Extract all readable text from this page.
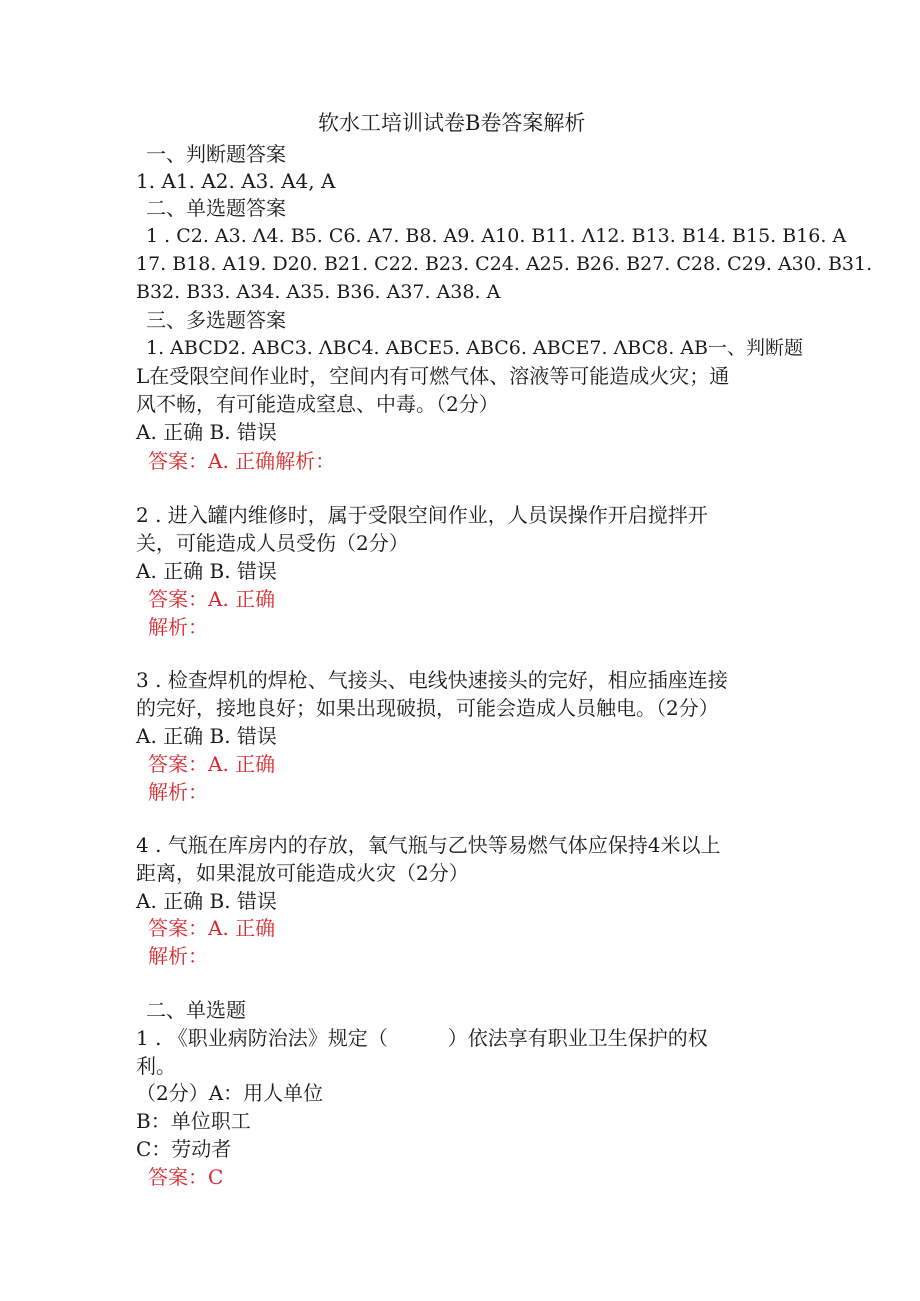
软水工培训试卷B卷答案解析
一、判断题答案
1. A1. A2. A3. A4, A
二、单选题答案
1 . C2. A3. Λ4. B5. C6. A7. B8. A9. A10. B11. Λ12. B13. B14. B15. B16. A
17. B18. A19. D20. B21. C22. B23. C24. A25. B26. B27. C28. C29. A30. B31.
B32. B33. A34. A35. B36. A37. A38. A
三、多选题答案
1. ABCD2. ABC3. ΛBC4. ABCE5. ABC6. ABCE7. ΛBC8. AB一、判断题
L在受限空间作业时，空间内有可燃气体、溶液等可能造成火灾；通
风不畅，有可能造成窒息、中毒。（2分）
A. 正确 B. 错误
答案：A. 正确解析：
2 . 进入罐内维修时，属于受限空间作业，人员误操作开启搅拌开
关，可能造成人员受伤（2分）
A. 正确 B. 错误
答案：A. 正确
解析：
3 . 检查焊机的焊枪、气接头、电线快速接头的完好，相应插座连接
的完好，接地良好；如果出现破损，可能会造成人员触电。（2分）
A. 正确 B. 错误
答案：A. 正确
解析：
4 . 气瓶在库房内的存放，氧气瓶与乙快等易燃气体应保持4米以上
距离，如果混放可能造成火灾（2分）
A. 正确 B. 错误
答案：A. 正确
解析：
二、单选题
1 . 《职业病防治法》规定（　　　）依法享有职业卫生保护的权
利。
（2分）A：用人单位
B：单位职工
C：劳动者
答案：C
